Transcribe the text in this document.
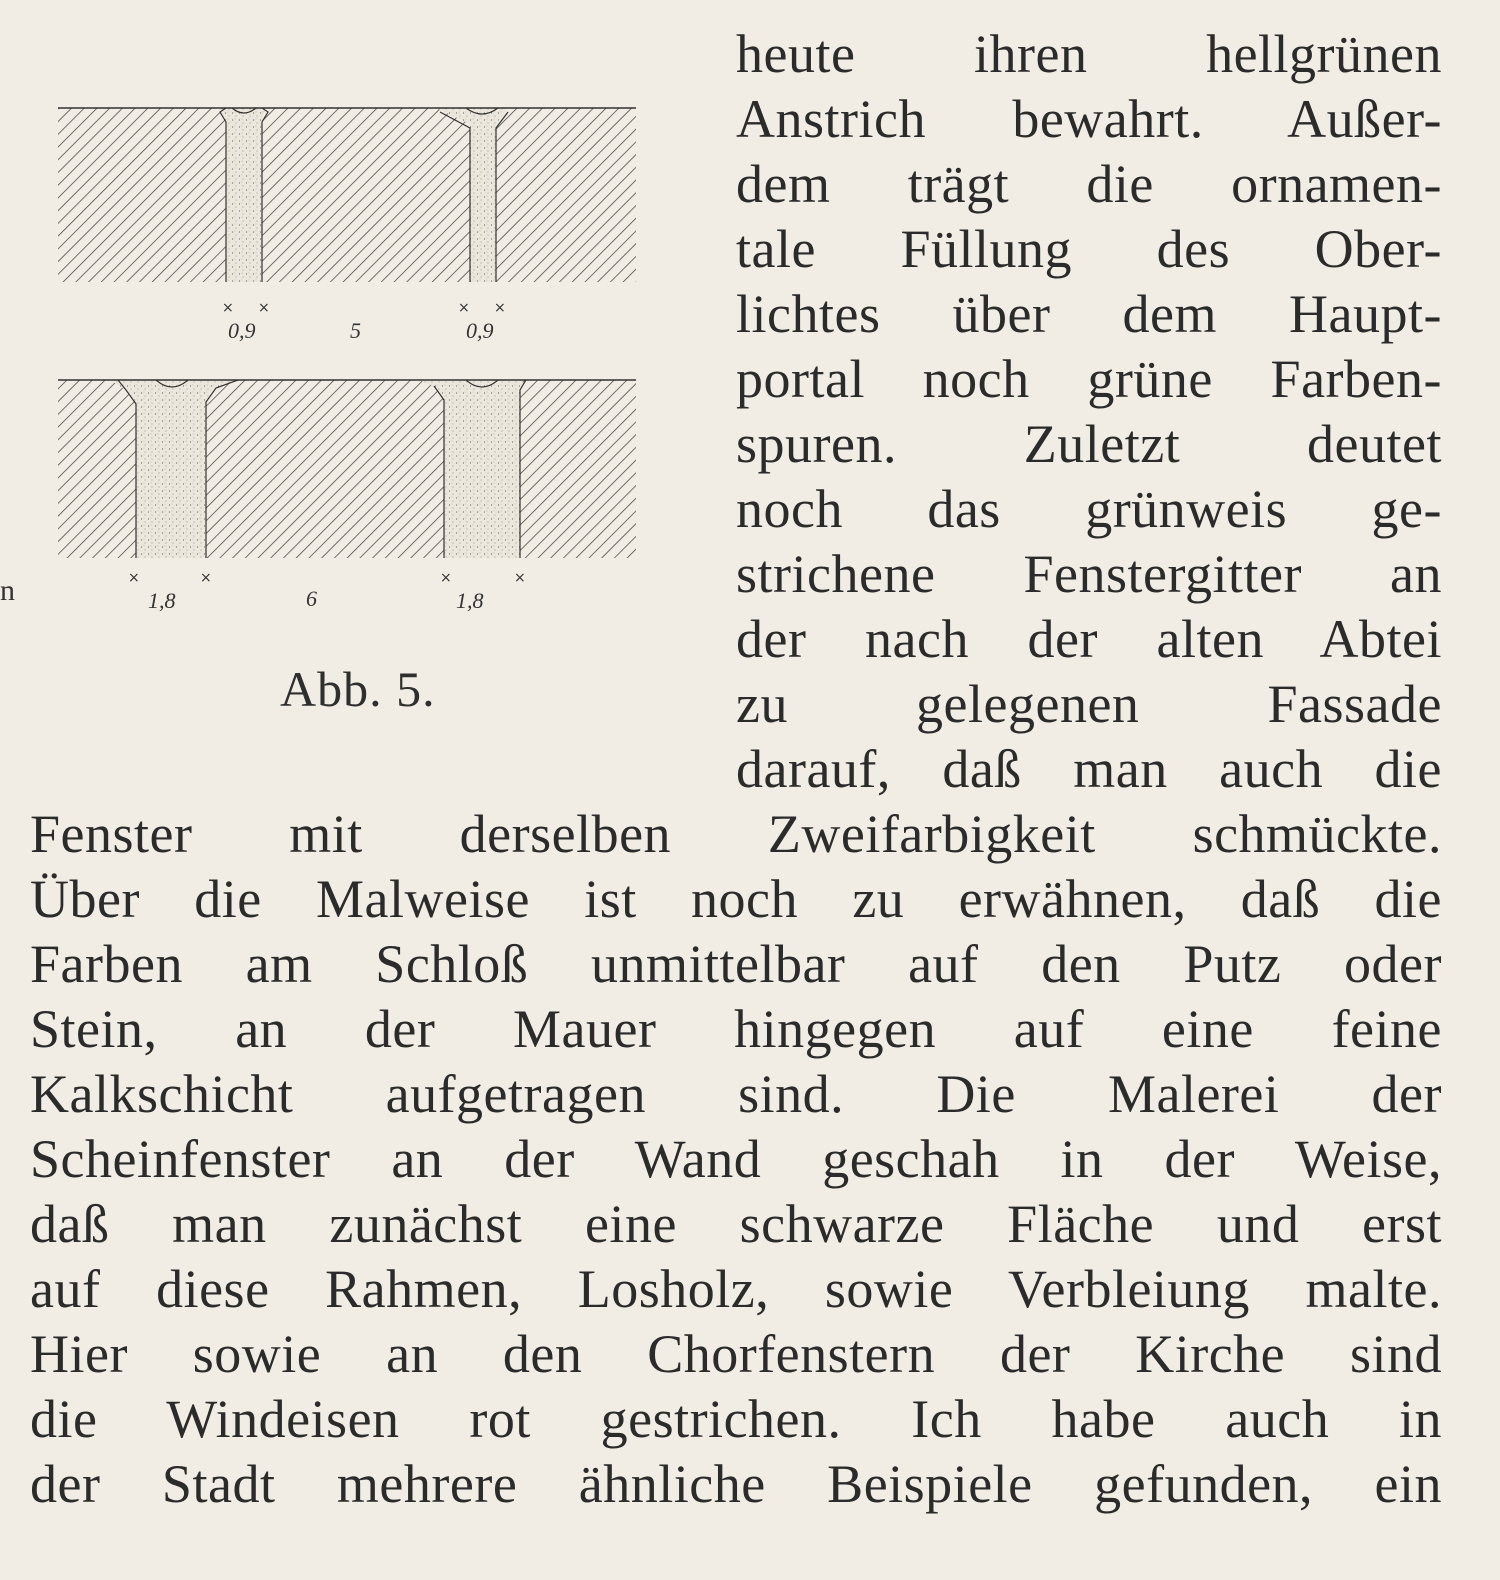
× ×	× ×
0,9	5	0,9
×	×	×	×
1,8	6	1,8
n
Abb. 5.
heute ihren hellgrünen
Anstrich bewahrt. Außer-
dem trägt die ornamen-
tale Füllung des Ober-
lichtes über dem Haupt-
portal noch grüne Farben-
spuren. Zuletzt deutet
noch das grünweis ge-
strichene Fenstergitter an
der nach der alten Abtei
zu gelegenen Fassade
darauf, daß man auch die
Fenster mit derselben Zweifarbigkeit schmückte.
Über die Malweise ist noch zu erwähnen, daß die
Farben am Schloß unmittelbar auf den Putz oder
Stein, an der Mauer hingegen auf eine feine
Kalkschicht aufgetragen sind. Die Malerei der
Scheinfenster an der Wand geschah in der Weise,
daß man zunächst eine schwarze Fläche und erst
auf diese Rahmen, Losholz, sowie Verbleiung malte.
Hier sowie an den Chorfenstern der Kirche sind
die Windeisen rot gestrichen. Ich habe auch in
der Stadt mehrere ähnliche Beispiele gefunden, ein
